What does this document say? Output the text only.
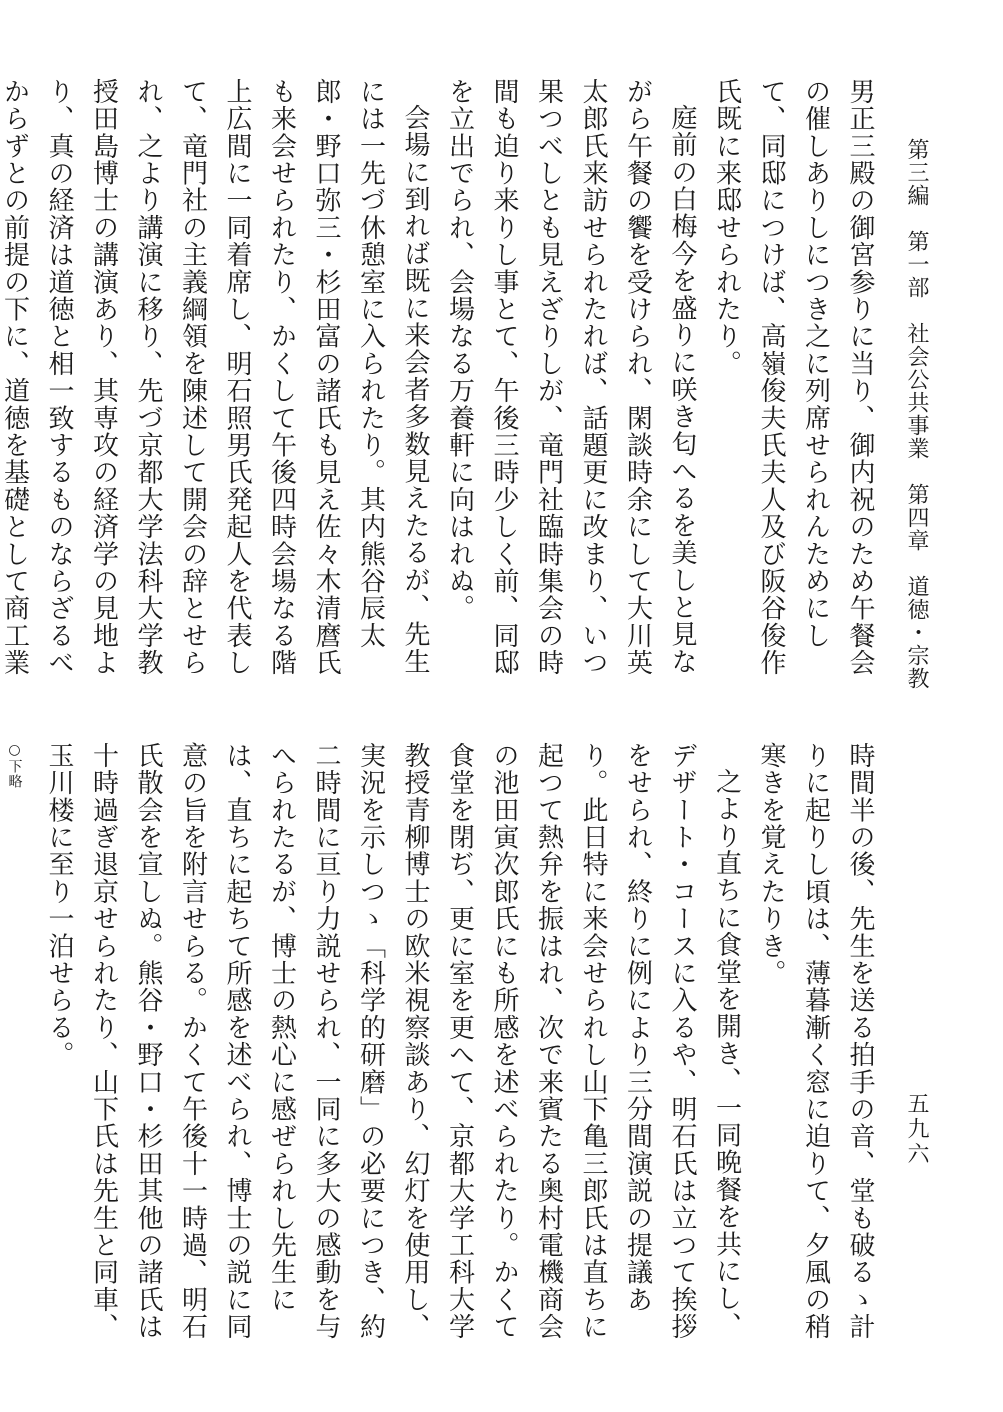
第三編　第一部　社会公共事業　第四章　道徳・宗教
五九六

男正三殿の御宮参りに当り、御内祝のため午餐会の催しありしにつき之に列席せられんためにして、同邸につけば、高嶺俊夫氏夫人及び阪谷俊作氏既に来邸せられたり。

庭前の白梅今を盛りに咲き匂へるを美しと見ながら午餐の饗を受けられ、閑談時余にして大川英太郎氏来訪せられたれば、話題更に改まり、いつ果つべしとも見えざりしが、竜門社臨時集会の時間も迫り来りし事とて、午後三時少しく前、同邸を立出でられ、会場なる万養軒に向はれぬ。

会場に到れば既に来会者多数見えたるが、先生には一先づ休憩室に入られたり。其内熊谷辰太郎・野口弥三・杉田富の諸氏も見え佐々木清麿氏も来会せられたり、かくして午後四時会場なる階上広間に一同着席し、明石照男氏発起人を代表して、竜門社の主義綱領を陳述して開会の辞とせられ、之より講演に移り、先づ京都大学法科大学教授田島博士の講演あり、其専攻の経済学の見地より、真の経済は道徳と相一致するものならざるべからずとの前提の下に、道徳を基礎として商工業

時間半の後、先生を送る拍手の音、堂も破るゝ計りに起りし頃は、薄暮漸く窓に迫りて、夕風の稍寒きを覚えたりき。

之より直ちに食堂を開き、一同晩餐を共にし、デザート・コースに入るや、明石氏は立つて挨拶をせられ、終りに例により三分間演説の提議あり。此日特に来会せられし山下亀三郎氏は直ちに起つて熱弁を振はれ、次で来賓たる奥村電機商会の池田寅次郎氏にも所感を述べられたり。かくて食堂を閉ぢ、更に室を更へて、京都大学工科大学教授青柳博士の欧米視察談あり、幻灯を使用し、実況を示しつゝ「科学的研磨」の必要につき、約二時間に亘り力説せられ、一同に多大の感動を与へられたるが、博士の熱心に感ぜられし先生には、直ちに起ちて所感を述べられ、博士の説に同意の旨を附言せらる。かくて午後十一時過、明石氏散会を宣しぬ。熊谷・野口・杉田其他の諸氏は十時過ぎ退京せられたり、山下氏は先生と同車、玉川楼に至り一泊せらる。

○下略
